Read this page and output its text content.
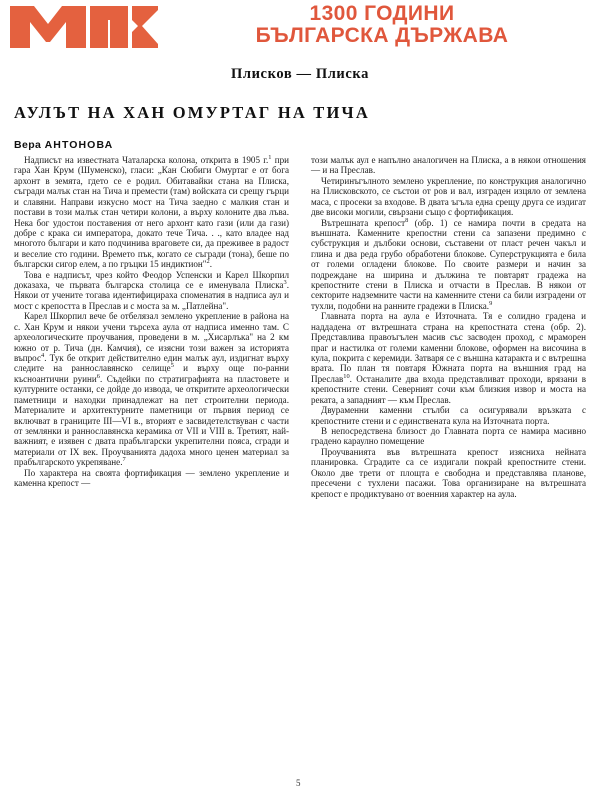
1300 ГОДИНИ
БЪЛГАРСКА ДЪРЖАВА
Плисков — Плиска
АУЛЪТ НА ХАН ОМУРТАГ НА ТИЧА
Вера АНТОНОВА

Надписът на известната Чаталарска колона, открита в 1905 г.$^1$ при гара Хан Крум (Шуменско), гласи: „Кан Сюбиги Омуртаг е от бога архонт в земята, гдето се е родил. Обитавайки стана на Плиска, съгради малък стан на Тича и премести (там) войската си срещу гърци и славяни. Направи изкусно мост на Тича заедно с малкия стан и постави в този малък стан четири колони, а върху колоните два лъва. Нека бог удостои поставения от него архонт като гази (или да гази) добре с крака си императора, докато тече Тича. . ., като владее над многото българи и като подчинива враговете си, да преживее в радост и веселие сто години. Времето пък, когато се съгради (тона), беше по български сигор елем, а по гръцки 15 индиктион"$^2$.

Това е надписът, чрез който Феодор Успенски и Карел Шкорпил доказаха, че първата българска столица се е именувала Плиска$^3$. Някои от учените тогава идентифицираха споменатия в надписа аул и мост с крепостта в Преслав и с моста за м. „Патлейна".

Карел Шкорпил вече бе отбелязал землено укрепление в района на с. Хан Крум и някои учени търсеха аула от надписа именно там. С археологическите проучвания, проведени в м. „Хисарлъка" на 2 км южно от р. Тича (дн. Камчия), се изясни този важен за историята въпрос$^4$. Тук бе открит действително един малък аул, издигнат върху следите на раннославянско селище$^5$ и върху още по-ранни късноантични руини$^6$. Съдейки по стратиграфията на пластовете и културните останки, се дойде до извода, че откритите археологически паметници и находки принадлежат на пет строителни периода. Материалите и архитектурните паметници от първия период се включват в границите III—VI в., вторият е засвидетелствуван с части от землянки и раннославянска керамика от VII и VIII в. Третият, най-важният, е изявен с двата прабългарски укрепителни пояса, сгради и материали от IX век. Проучванията дадоха много ценен материал за прабългарското укрепяване.$^7$

По характера на своята фортификация — землено укрепление и каменна крепост —

този малък аул е напълно аналогичен на Плиска, а в някои отношения — и на Преслав.

Четиринъгълното землено укрепление, по конструкция аналогично на Плисковското, се състои от ров и вал, изграден изцяло от землена маса, с просеки за входове. В двата ъгъла една срещу друга се издигат две високи могили, свързани също с фортификация.

Вътрешната крепост$^8$ (обр. 1) се намира почти в средата на външната. Каменните крепостни стени са запазени предимно с субструкция и дълбоки основи, съставени от пласт речен чакъл и глина и два реда грубо обработени блокове. Суперструкцията е била от големи огладени блокове. По своите размери и начин за подреждане на ширина и дължина те повтарят градежа на крепостните стени в Плиска и отчасти в Преслав. В някои от секторите надземните части на каменните стени са били изградени от тухли, подобни на ранните градежи в Плиска.$^9$

Главната порта на аула е Източната. Тя е солидно градена и наддадена от вътрешната страна на крепостната стена (обр. 2). Представлива правоъгълен масив със засводен проход, с мраморен праг и настилка от големи каменни блокове, оформен на височина в кула, покрита с керемиди. Затваря се с външна катаракта и с вътрешна врата. По план тя повтаря Южната порта на външния град на Преслав$^{10}$. Останалите два входа представливат проходи, врязани в крепостните стени. Северният сочи към близкия извор и моста на реката, а западният — към Преслав.

Двураменни каменни стълби са осигурявали връзката с крепостните стени и с единствената кула на Източната порта.

В непосредствена близост до Главната порта се намира масивно градено караулно помещение

Проучванията във вътрешната крепост изясниха нейната планировка. Сградите са се издигали покрай крепостните стени. Около две трети от площта е свободна и представлява планове, пресечени с тухлени пасажи. Това организиране на вътрешната крепост е продиктувано от военния характер на аула.

5
